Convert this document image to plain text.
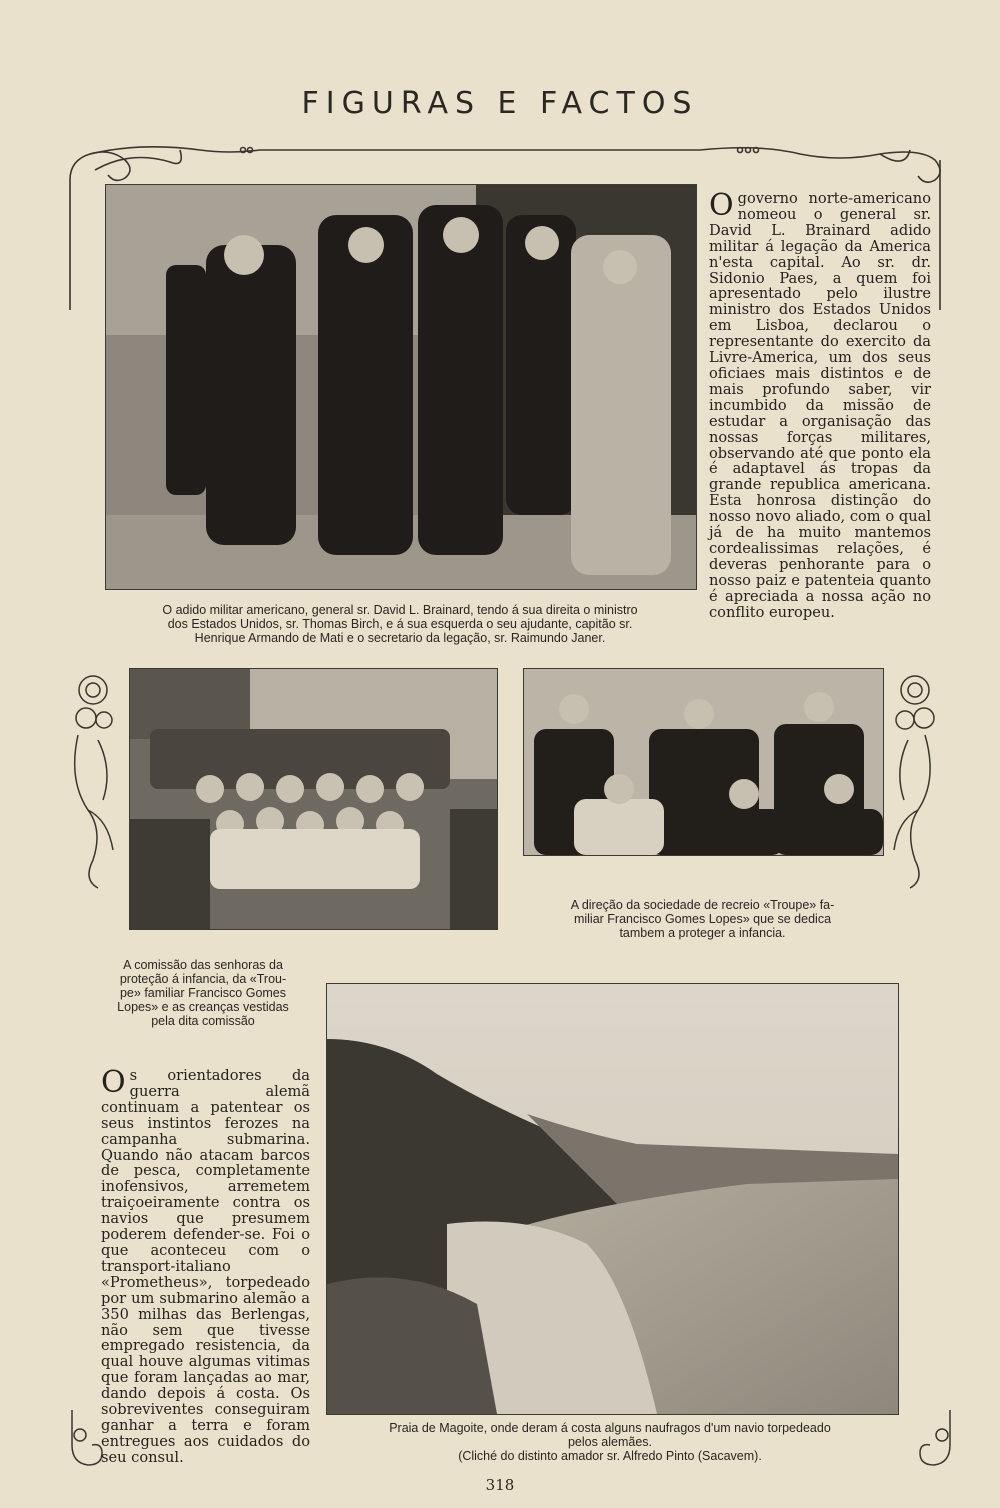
FIGURAS E FACTOS
O adido militar americano, general sr. David L. Brainard, tendo á sua direita o ministro
dos Estados Unidos, sr. Thomas Birch, e á sua esquerda o seu ajudante, capitão sr.
Henrique Armando de Mati e o secretario da legação, sr. Raimundo Janer.
O governo norte-americano nomeou o general sr. David L. Brainard adido militar á legação da America n'esta capital. Ao sr. dr. Sidonio Paes, a quem foi apresentado pelo ilustre ministro dos Estados Unidos em Lisboa, declarou o representante do exercito da Livre-America, um dos seus oficiaes mais distintos e de mais profundo saber, vir incumbido da missão de estudar a organisação das nossas forças militares, observando até que ponto ela é adaptavel ás tropas da grande republica americana. Esta honrosa distinção do nosso novo aliado, com o qual já de ha muito mantemos cordealissimas relações, é deveras penhorante para o nosso paiz e patenteia quanto é apreciada a nossa ação no conflito europeu.
A comissão das senhoras da
proteção á infancia, da «Trou-
pe» familiar Francisco Gomes
Lopes» e as creanças vestidas
pela dita comissão
A direção da sociedade de recreio «Troupe» fa-
miliar Francisco Gomes Lopes» que se dedica
tambem a proteger a infancia.
Praia de Magoite, onde deram á costa alguns naufragos d'um navio torpedeado
pelos alemães.
(Cliché do distinto amador sr. Alfredo Pinto (Sacavem).
O s orientadores da guerra alemã continuam a patentear os seus instintos ferozes na campanha submarina. Quando não atacam barcos de pesca, completamente inofensivos, arremetem traiçoeiramente contra os navios que presumem poderem defender-se. Foi o que aconteceu com o transport-italiano «Prometheus», torpedeado por um submarino alemão a 350 milhas das Berlengas, não sem que tivesse empregado resistencia, da qual houve algumas vitimas que foram lançadas ao mar, dando depois á costa. Os sobreviventes conseguiram ganhar a terra e foram entregues aos cuidados do seu consul.
318
